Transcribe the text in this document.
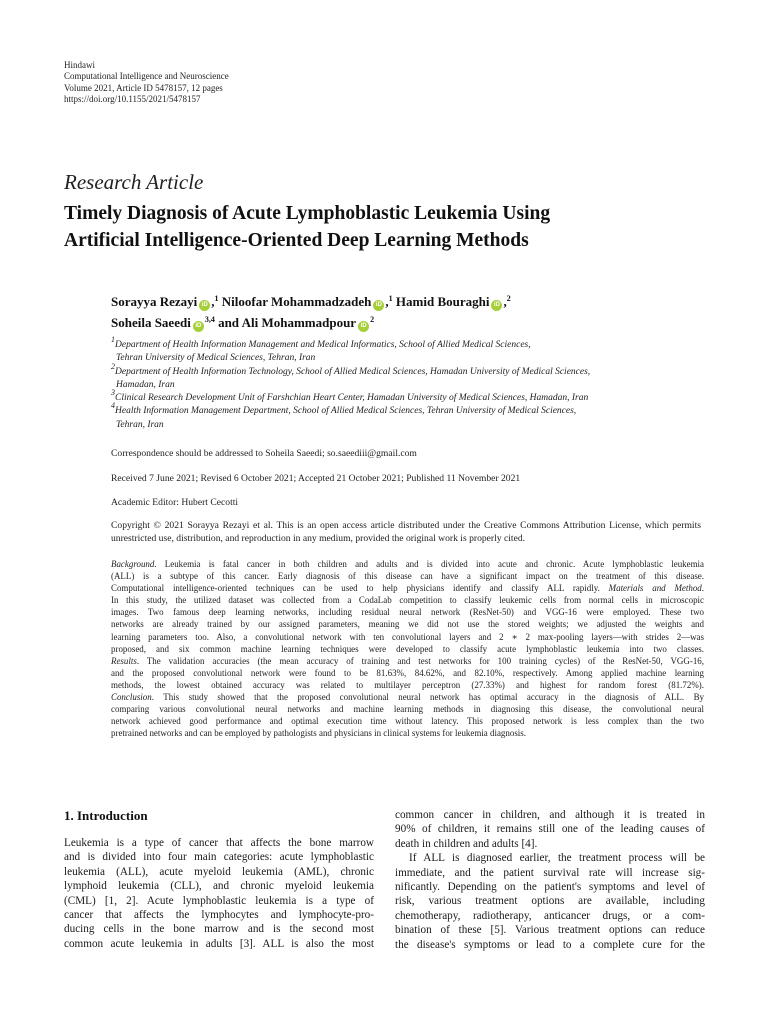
Hindawi
Computational Intelligence and Neuroscience
Volume 2021, Article ID 5478157, 12 pages
https://doi.org/10.1155/2021/5478157
Research Article
Timely Diagnosis of Acute Lymphoblastic Leukemia Using
Artificial Intelligence-Oriented Deep Learning Methods
Sorayya Rezayi iD ,$^1$ Niloofar Mohammadzadeh iD ,$^1$ Hamid Bouraghi iD ,$^2$
Soheila Saeedi iD$^{3,4}$ and Ali Mohammadpour $iD^2$
$^1$Department of Health Information Management and Medical Informatics, School of Allied Medical Sciences,
Tehran University of Medical Sciences, Tehran, Iran
$^2$Department of Health Information Technology, School of Allied Medical Sciences, Hamadan University of Medical Sciences,
Hamadan, Iran
$^3$Clinical Research Development Unit of Farshchian Heart Center, Hamadan University of Medical Sciences, Hamadan, Iran
$^4$Health Information Management Department, School of Allied Medical Sciences, Tehran University of Medical Sciences,
Tehran, Iran
Correspondence should be addressed to Soheila Saeedi; so.saeediii@gmail.com
Received 7 June 2021; Revised 6 October 2021; Accepted 21 October 2021; Published 11 November 2021
Academic Editor: Hubert Cecotti
Copyright © 2021 Sorayya Rezayi et al. This is an open access article distributed under the Creative Commons Attribution License, which permits unrestricted use, distribution, and reproduction in any medium, provided the original work is properly cited.
Background. Leukemia is fatal cancer in both children and adults and is divided into acute and chronic. Acute lymphoblastic leukemia
(ALL) is a subtype of this cancer. Early diagnosis of this disease can have a significant impact on the treatment of this disease.
Computational intelligence-oriented techniques can be used to help physicians identify and classify ALL rapidly. Materials and Method.
In this study, the utilized dataset was collected from a CodaLab competition to classify leukemic cells from normal cells in microscopic
images. Two famous deep learning networks, including residual neural network (ResNet-50) and VGG-16 were employed. These two
networks are already trained by our assigned parameters, meaning we did not use the stored weights; we adjusted the weights and
learning parameters too. Also, a convolutional network with ten convolutional layers and 2 ∗ 2 max-pooling layers—with strides 2—was
proposed, and six common machine learning techniques were developed to classify acute lymphoblastic leukemia into two classes.
Results. The validation accuracies (the mean accuracy of training and test networks for 100 training cycles) of the ResNet-50, VGG-16,
and the proposed convolutional network were found to be 81.63%, 84.62%, and 82.10%, respectively. Among applied machine learning
methods, the lowest obtained accuracy was related to multilayer perceptron (27.33%) and highest for random forest (81.72%).
Conclusion. This study showed that the proposed convolutional neural network has optimal accuracy in the diagnosis of ALL. By
comparing various convolutional neural networks and machine learning methods in diagnosing this disease, the convolutional neural
network achieved good performance and optimal execution time without latency. This proposed network is less complex than the two
pretrained networks and can be employed by pathologists and physicians in clinical systems for leukemia diagnosis.
1. Introduction
Leukemia is a type of cancer that affects the bone marrow
and is divided into four main categories: acute lymphoblastic
leukemia (ALL), acute myeloid leukemia (AML), chronic
lymphoid leukemia (CLL), and chronic myeloid leukemia
(CML) [1, 2]. Acute lymphoblastic leukemia is a type of
cancer that affects the lymphocytes and lymphocyte-pro-
ducing cells in the bone marrow and is the second most
common acute leukemia in adults [3]. ALL is also the most
common cancer in children, and although it is treated in
90% of children, it remains still one of the leading causes of
death in children and adults [4].
If ALL is diagnosed earlier, the treatment process will be
immediate, and the patient survival rate will increase sig-
nificantly. Depending on the patient's symptoms and level of
risk, various treatment options are available, including
chemotherapy, radiotherapy, anticancer drugs, or a com-
bination of these [5]. Various treatment options can reduce
the disease's symptoms or lead to a complete cure for the
